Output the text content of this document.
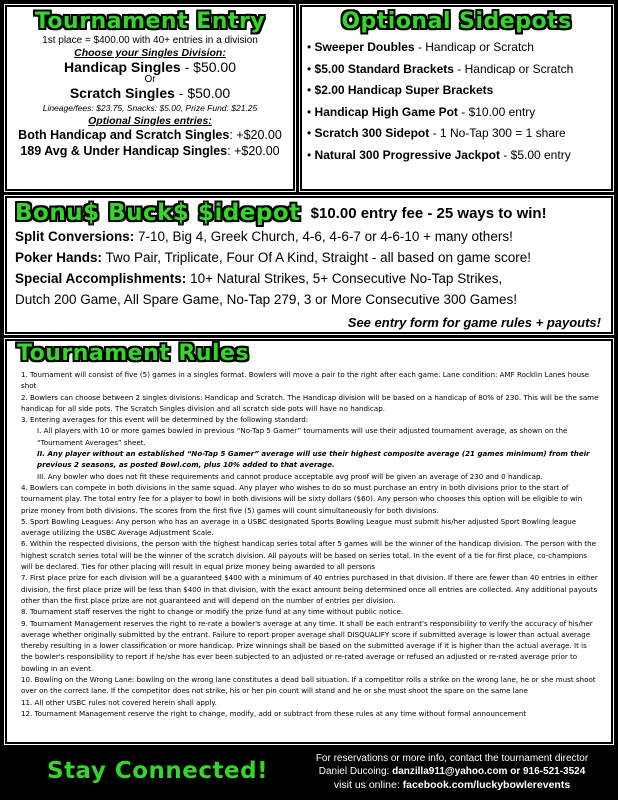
Tournament Entry
1st place = $400.00 with 40+ entries in a division
Choose your Singles Division:
Handicap Singles - $50.00
Or
Scratch Singles - $50.00
Lineage/fees: $23.75, Snacks: $5.00, Prize Fund: $21.25
Optional Singles entries:
Both Handicap and Scratch Singles: +$20.00
189 Avg & Under Handicap Singles: +$20.00
Optional Sidepots
• Sweeper Doubles - Handicap or Scratch
• $5.00 Standard Brackets - Handicap or Scratch
• $2.00 Handicap Super Brackets
• Handicap High Game Pot - $10.00 entry
• Scratch 300 Sidepot - 1 No-Tap 300 = 1 share
• Natural 300 Progressive Jackpot - $5.00 entry
Bonu$ Buck$ $idepot $10.00 entry fee - 25 ways to win!
Split Conversions: 7-10, Big 4, Greek Church, 4-6, 4-6-7 or 4-6-10 + many others!
Poker Hands: Two Pair, Triplicate, Four Of A Kind, Straight - all based on game score!
Special Accomplishments: 10+ Natural Strikes, 5+ Consecutive No-Tap Strikes,
Dutch 200 Game, All Spare Game, No-Tap 279, 3 or More Consecutive 300 Games!
See entry form for game rules + payouts!
Tournament Rules
1. Tournament will consist of five (5) games in a singles format. Bowlers will move a pair to the right after each game. Lane condition: AMF Rocklin Lanes house shot
2. Bowlers can choose between 2 singles divisions: Handicap and Scratch. The Handicap division will be based on a handicap of 80% of 230. This will be the same handicap for all side pots. The Scratch Singles division and all scratch side pots will have no handicap.
3. Entering averages for this event will be determined by the following standard:
I. All players with 10 or more games bowled in previous “No-Tap 5 Gamer” tournaments will use their adjusted tournament average, as shown on the “Tournament Averages” sheet.
II. Any player without an established “No-Tap 5 Gamer” average will use their highest composite average (21 games minimum) from their previous 2 seasons, as posted Bowl.com, plus 10% added to that average.
III. Any bowler who does not fit these requirements and cannot produce acceptable avg proof will be given an average of 230 and 0 handicap.
4. Bowlers can compete in both divisions in the same squad. Any player who wishes to do so must purchase an entry in both divisions prior to the start of tournament play. The total entry fee for a player to bowl in both divisions will be sixty dollars ($60). Any person who chooses this option will be eligible to win prize money from both divisions. The scores from the first five (5) games will count simultaneously for both divisions.
5. Sport Bowling Leagues: Any person who has an average in a USBC designated Sports Bowling League must submit his/her adjusted Sport Bowling league average utilizing the USBC Average Adjustment Scale.
6. Within the respected divisions, the person with the highest handicap series total after 5 games will be the winner of the handicap division. The person with the highest scratch series total will be the winner of the scratch division. All payouts will be based on series total. In the event of a tie for first place, co-champions will be declared. Ties for other placing will result in equal prize money being awarded to all persons
7. First place prize for each division will be a guaranteed $400 with a minimum of 40 entries purchased in that division. If there are fewer than 40 entries in either division, the first place prize will be less than $400 in that division, with the exact amount being determined once all entries are collected. Any additional payouts other than the first place prize are not guaranteed and will depend on the number of entries per division.
8. Tournament staff reserves the right to change or modify the prize fund at any time without public notice.
9. Tournament Management reserves the right to re-rate a bowler's average at any time. It shall be each entrant's responsibility to verify the accuracy of his/her average whether originally submitted by the entrant. Failure to report proper average shall DISQUALIFY score if submitted average is lower than actual average thereby resulting in a lower classification or more handicap. Prize winnings shall be based on the submitted average if it is higher than the actual average. It is the bowler's responsibility to report if he/she has ever been subjected to an adjusted or re-rated average or refused an adjusted or re-rated average prior to bowling in an event.
10. Bowling on the Wrong Lane: bowling on the wrong lane constitutes a dead ball situation. If a competitor rolls a strike on the wrong lane, he or she must shoot over on the correct lane. If the competitor does not strike, his or her pin count will stand and he or she must shoot the spare on the same lane
11. All other USBC rules not covered herein shall apply.
12. Tournament Management reserve the right to change, modify, add or subtract from these rules at any time without formal announcement
Stay Connected!	For reservations or more info, contact the tournament director
Daniel Ducoing: danzilla911@yahoo.com or 916-521-3524
visit us online: facebook.com/luckybowlerevents
